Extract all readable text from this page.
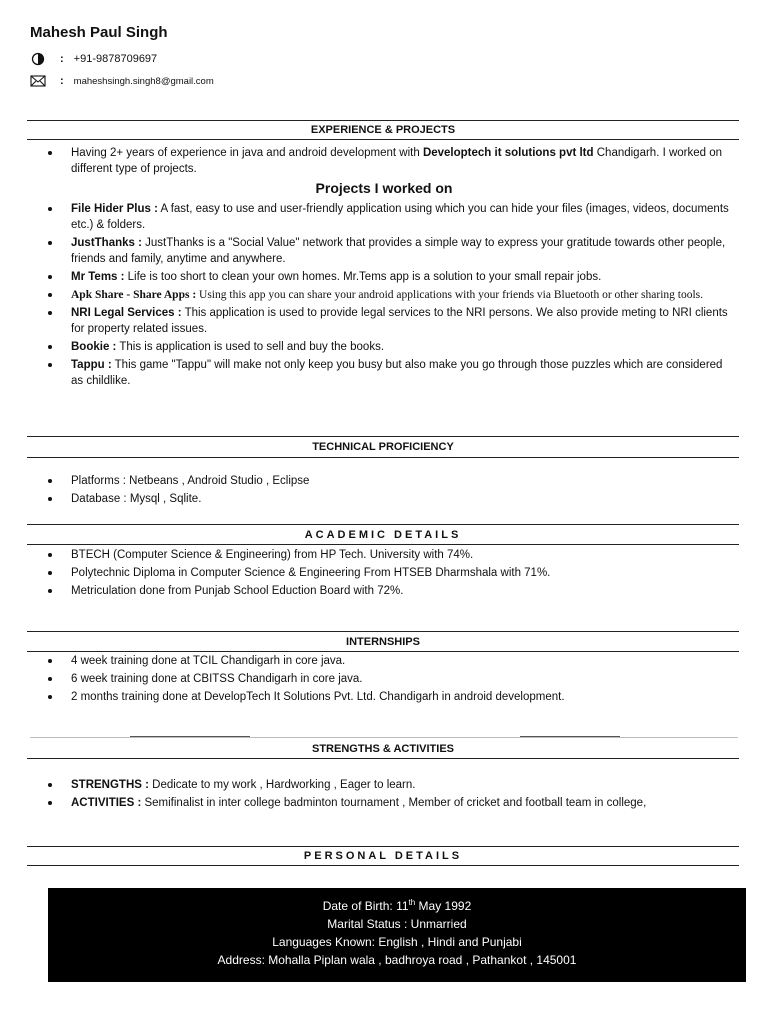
Mahesh Paul Singh
: +91-9878709697
: maheshsingh.singh8@gmail.com
EXPERIENCE & PROJECTS
Having 2+ years of experience in java and android development with Developtech it solutions pvt ltd Chandigarh. I worked on different type of projects.
Projects I worked on
File Hider Plus : A fast, easy to use and user-friendly application using which you can hide your files (images, videos, documents etc.) & folders.
JustThanks : JustThanks is a "Social Value" network that provides a simple way to express your gratitude towards other people, friends and family, anytime and anywhere.
Mr Tems : Life is too short to clean your own homes. Mr.Tems app is a solution to your small repair jobs.
Apk Share - Share Apps : Using this app you can share your android applications with your friends via Bluetooth or other sharing tools.
NRI Legal Services : This application is used to provide legal services to the NRI persons. We also provide meting to NRI clients for property related issues.
Bookie : This is application is used to sell and buy the books.
Tappu : This game "Tappu" will make not only keep you busy but also make you go through those puzzles which are considered as childlike.
TECHNICAL PROFICIENCY
Platforms : Netbeans , Android Studio , Eclipse
Database : Mysql , Sqlite.
ACADEMIC DETAILS
BTECH (Computer Science & Engineering) from HP Tech. University with 74%.
Polytechnic Diploma in Computer Science & Engineering From HTSEB Dharmshala with 71%.
Metriculation done from Punjab School Eduction Board with 72%.
INTERNSHIPS
4 week training done at TCIL Chandigarh in core java.
6 week training done at CBITSS Chandigarh in core java.
2 months training done at DevelopTech It Solutions Pvt. Ltd. Chandigarh in android development.
STRENGTHS & ACTIVITIES
STRENGTHS : Dedicate to my work , Hardworking , Eager to learn.
ACTIVITIES : Semifinalist in inter college badminton tournament , Member of cricket and football team in college,
PERSONAL DETAILS
Date of Birth: 11th May 1992
Marital Status : Unmarried
Languages Known: English , Hindi and Punjabi
Address: Mohalla Piplan wala , badhroya road , Pathankot , 145001
